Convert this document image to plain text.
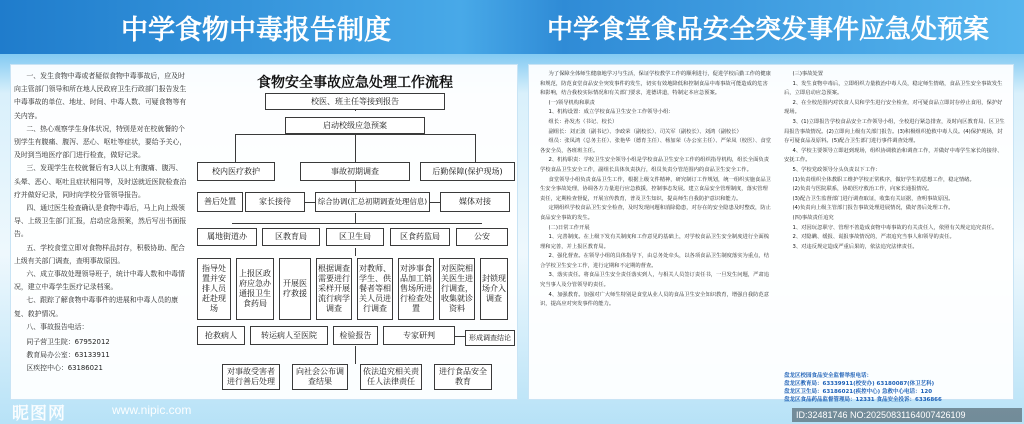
中学食物中毒报告制度	中学食堂食品安全突发事件应急处预案

一、发生食物中毒或者疑似食物中毒事故后，应及时向主管部门领导和所在地人民政府卫生行政部门报告发生中毒事故的单位、地址、时间、中毒人数、可疑食物等有关内容。

二、热心观察学生身体状况，特别是对在校就餐的个别学生有腹痛、腹泻、恶心、呕吐等症状，要给予关心，及时到当地医疗部门进行检查，做好记录。

三、发现学生在校就餐后有3人以上有腹痛、腹泻、头晕、恶心、呕吐且症状相同等，及时送就近医院检查治疗并做好记录，同时向学校分管领导报告。

四、通过医生检查确认是食物中毒后，马上向上级领导、上级卫生部门汇报，启动应急预案，然后写出书面报告。

五、学校食堂立即对食物样品封存，积极协助、配合上级有关部门调查，查明事故原因。

六、成立事故处理领导班子，统计中毒人数和中毒情况，建立中毒学生医疗记录档案。

七、跟踪了解食物中毒事件的进展和中毒人员的康复、救护情况。

八、事故报告电话：

同子营卫生院：67952012

教育局办公室：63133911

区疾控中心：63186021

食物安全事故应急处理工作流程
校医、班主任等接到报告
启动校级应急预案
校内医疗救护	事故初期调查	后勤保障(保护现场)
善后处置	家长接待	综合协调(汇总初期调查处理信息)	媒体对接
属地街道办	区教育局	区卫生局	区食药监局	公安
指导处置并安排人员赶赴现场
上报区政府应急办通报卫生食药局
开展医疗救援
根据调查需要进行采样开展流行病学调查
对教师、学生、供餐者等相关人员进行调查
对涉事食品加工销售场所进行检查处置
对医院相关医生进行调查，收集就诊资料
封锁现场介入调查
抢救病人	转运病人至医院	检验报告	专家研判	形成调查结论
对事故受害者进行善后处理
向社会公布调查结果
依法追究相关责任人法律责任
进行食品安全教育

为了保障全体师生健康地学习与生活，保证学校教学工作的顺利进行，促进学校后勤工作的健康和规范，防范食堂食品安全突发事件的发生，切实有效地降低和控制食品中毒事故可能造成的危害和影响，结合我校实际情况和有关部门要求，进德讲道，特制定本应急预案。

(一)领导机构和职责

1、机构设置：成立学校食品卫生安全工作领导小组：

组长：孙发杰（书记、校长）

副组长：刘正波（副书记）、李政荣（副校长）、司关军（副校长）、刘鸿（副校长）

组员：张凤鸿（总务主任）、张艳华（德育主任）、杨加荣（办公室主任）、严荣凤（校医）、食堂各安全员，各班班主任。

2、机构职责：学校卫生安全领导小组是学校食品卫生安全工作的组织指导机构，组长全面负责学校食品卫生安全工作，副组长具体负责执行，组员负责分管范围内的食品卫生安全工作。

食堂领导小组负责食品卫生工作，根据上级文件精神，研究制订工作规划，统一组织实施食品卫生安全事故处理，协调各方力量进行应急救援，控制事态发展。建立食品安全管理制度，落实管理责任，定期检查督促，开展宣传教育，普及卫生知识，提高师生自我防护意识和能力。

定期组织学校食品卫生安全检查，及时发现问题和消除隐患，对存在的安全隐患及时整改，防止食品安全事故的发生。

(二)日常工作开展

1、完善制度。在上级下发有关制度和工作意见的基础上，对学校食品卫生安全制度进行全面梳理和完善，并上报区教育局。

2、强化督查。在领导小组的具体指导下，由总务处牵头，以各项食品卫生制度落实为重点，结合学校卫生安全工作，进行定期和不定期的督查。

3、落实责任。将食品卫生安全责任落实到人，与相关人员签订责任书，一旦发生问题，严肃追究当事人及分管领导的责任。

4、加强教育。加强对广大师生特别是食堂从业人员的食品卫生安全知识教育，增强自我防范意识，提高应对突发事件的能力。

(三)事故处置

1、发生食物中毒后，立即组织力量救治中毒人员，稳定师生情绪，食品卫生安全事故发生后，立即启动应急预案。

2、在全校范围内对饮食人员和学生进行安全检查，对可疑食品立即封存停止食用，保护好现场。

3、(1)立即报告学校食品安全工作领导小组，全校进行紧急排查，及时向区教育局、区卫生局报告事故情况。(2)立即向上级有关部门报告。(3)积极组织抢救中毒人员。(4)保护现场，封存可疑食品及原料。(5)配合卫生部门进行事件调查处理。

4、学校主要领导立即赶到现场，组织协调救治和调查工作，并做好中毒学生家长的接待、安抚工作。

5、学校党政领导分头负责以下工作：

(1)负责组织全体教职工维护学校正常秩序，做好学生的思想工作，稳定情绪。

(2)负责与医院联系，协助医疗救治工作，向家长通报情况。

(3)配合卫生监督部门进行调查取证，收集有关证据，查明事故原因。

(4)负责向上级主管部门报告事故处理进展情况，做好善后处理工作。

(四)事故责任追究

1、对因玩忽职守、管理不善造成食物中毒事故的有关责任人，依照有关规定追究责任。

2、对隐瞒、缓报、谎报事故情况的，严肃追究当事人和领导的责任。

3、对违反规定造成严重后果的，依法追究法律责任。

盘龙区校园食品安全监督举报电话：
盘龙区教育局：63339911(校安办) 63180087(体卫艺科)
盘龙区卫生局：63186021(疾控中心) 急救中心电话：120
盘龙区食品药品监督管理局：12331 食品安全投诉：6336866
昵图网	www.nipic.com	ID:32481746 NO:20250831164007426109
